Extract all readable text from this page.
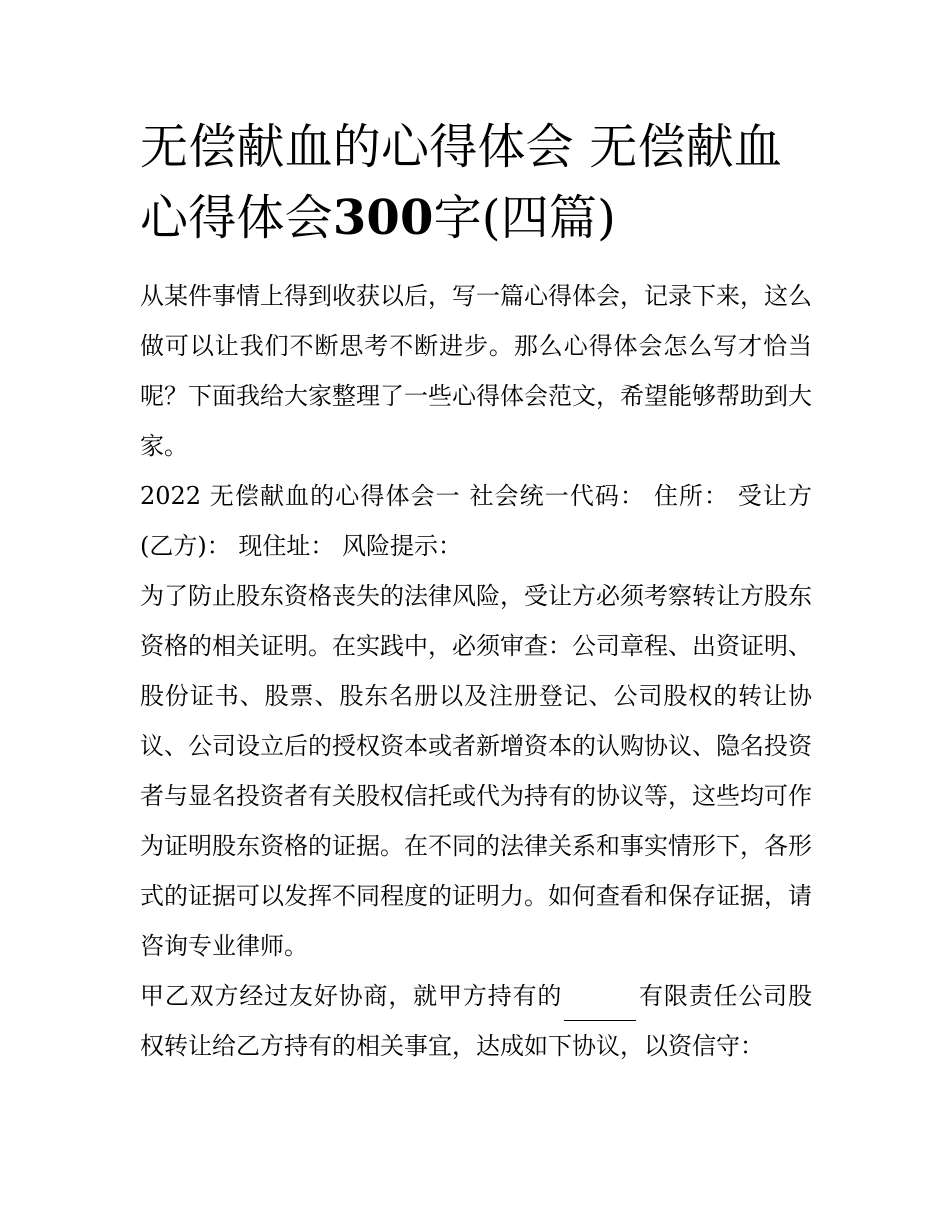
无偿献血的心得体会 无偿献血心得体会300字(四篇)

从某件事情上得到收获以后，写一篇心得体会，记录下来，这么做可以让我们不断思考不断进步。那么心得体会怎么写才恰当呢？下面我给大家整理了一些心得体会范文，希望能够帮助到大家。

2022 无偿献血的心得体会一 社会统一代码： 住所： 受让方(乙方)： 现住址： 风险提示：

为了防止股东资格丧失的法律风险，受让方必须考察转让方股东资格的相关证明。在实践中，必须审查：公司章程、出资证明、股份证书、股票、股东名册以及注册登记、公司股权的转让协议、公司设立后的授权资本或者新增资本的认购协议、隐名投资者与显名投资者有关股权信托或代为持有的协议等，这些均可作为证明股东资格的证据。在不同的法律关系和事实情形下，各形式的证据可以发挥不同程度的证明力。如何查看和保存证据，请咨询专业律师。

甲乙双方经过友好协商，就甲方持有的	有限责任公司股权转让给乙方持有的相关事宜，达成如下协议，以资信守：
